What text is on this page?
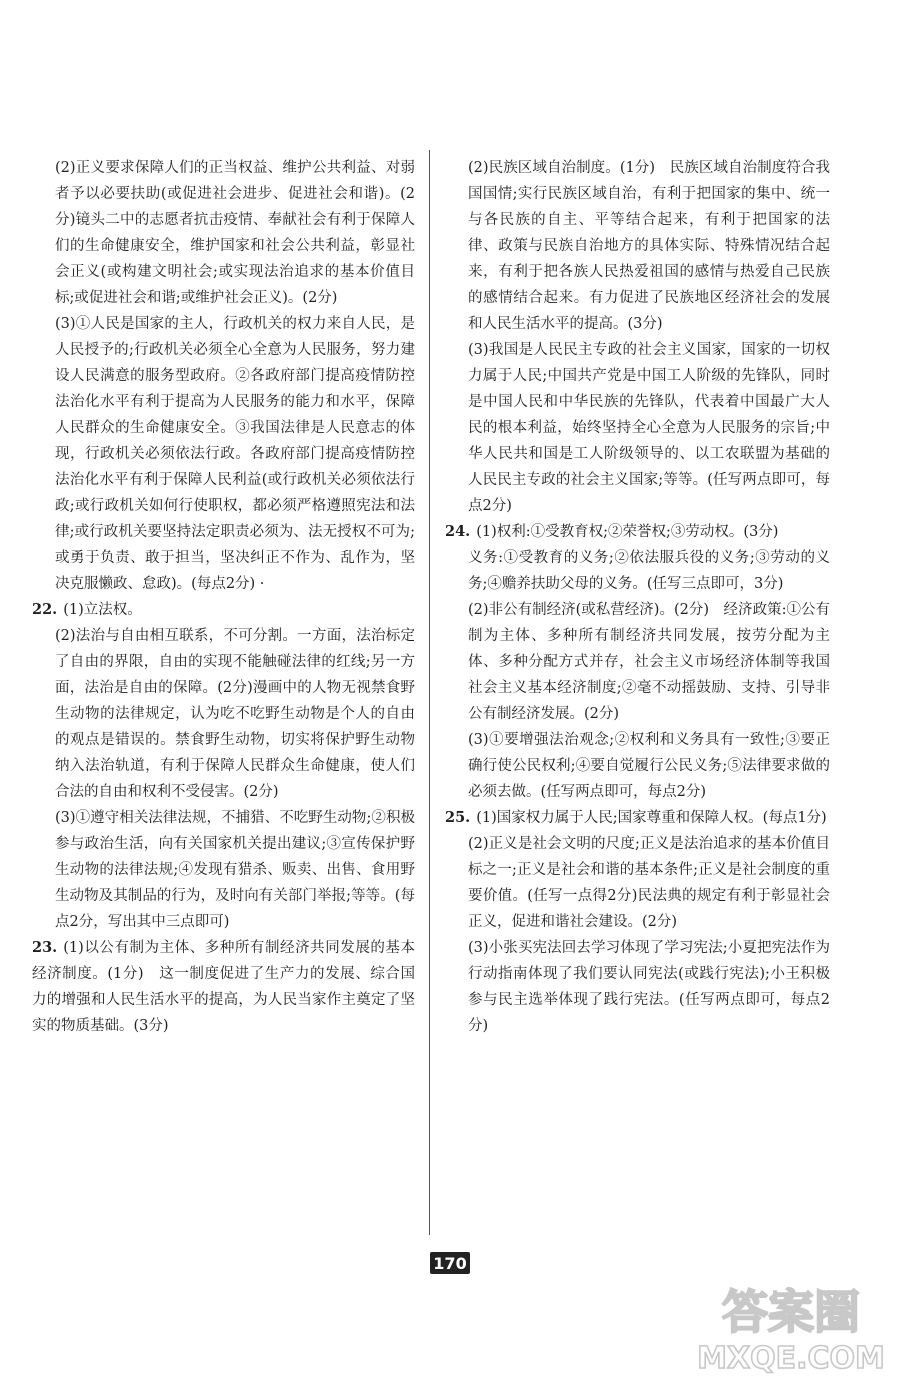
(2)正义要求保障人们的正当权益、维护公共利益、对弱者予以必要扶助(或促进社会进步、促进社会和谐)。(2分)镜头二中的志愿者抗击疫情、奉献社会有利于保障人们的生命健康安全，维护国家和社会公共利益，彰显社会正义(或构建文明社会;或实现法治追求的基本价值目标;或促进社会和谐;或维护社会正义)。(2分)

(3)①人民是国家的主人，行政机关的权力来自人民，是人民授予的;行政机关必须全心全意为人民服务，努力建设人民满意的服务型政府。②各政府部门提高疫情防控法治化水平有利于提高为人民服务的能力和水平，保障人民群众的生命健康安全。③我国法律是人民意志的体现，行政机关必须依法行政。各政府部门提高疫情防控法治化水平有利于保障人民利益(或行政机关必须依法行政;或行政机关如何行使职权，都必须严格遵照宪法和法律;或行政机关要坚持法定职责必须为、法无授权不可为;或勇于负责、敢于担当，坚决纠正不作为、乱作为，坚决克服懒政、怠政)。(每点2分) ·

22. (1)立法权。

(2)法治与自由相互联系，不可分割。一方面，法治标定了自由的界限，自由的实现不能触碰法律的红线;另一方面，法治是自由的保障。(2分)漫画中的人物无视禁食野生动物的法律规定，认为吃不吃野生动物是个人的自由的观点是错误的。禁食野生动物，切实将保护野生动物纳入法治轨道，有利于保障人民群众生命健康，使人们合法的自由和权利不受侵害。(2分)

(3)①遵守相关法律法规，不捕猎、不吃野生动物;②积极参与政治生活，向有关国家机关提出建议;③宣传保护野生动物的法律法规;④发现有猎杀、贩卖、出售、食用野生动物及其制品的行为，及时向有关部门举报;等等。(每点2分，写出其中三点即可)

23. (1)以公有制为主体、多种所有制经济共同发展的基本经济制度。(1分)　这一制度促进了生产力的发展、综合国力的增强和人民生活水平的提高，为人民当家作主奠定了坚实的物质基础。(3分)

(2)民族区域自治制度。(1分)　民族区域自治制度符合我国国情;实行民族区域自治，有利于把国家的集中、统一与各民族的自主、平等结合起来，有利于把国家的法律、政策与民族自治地方的具体实际、特殊情况结合起来，有利于把各族人民热爱祖国的感情与热爱自己民族的感情结合起来。有力促进了民族地区经济社会的发展和人民生活水平的提高。(3分)

(3)我国是人民民主专政的社会主义国家，国家的一切权力属于人民;中国共产党是中国工人阶级的先锋队，同时是中国人民和中华民族的先锋队，代表着中国最广大人民的根本利益，始终坚持全心全意为人民服务的宗旨;中华人民共和国是工人阶级领导的、以工农联盟为基础的人民民主专政的社会主义国家;等等。(任写两点即可，每点2分)

24. (1)权利:①受教育权;②荣誉权;③劳动权。(3分)

义务:①受教育的义务;②依法服兵役的义务;③劳动的义务;④赡养扶助父母的义务。(任写三点即可，3分)

(2)非公有制经济(或私营经济)。(2分)　经济政策:①公有制为主体、多种所有制经济共同发展，按劳分配为主体、多种分配方式并存，社会主义市场经济体制等我国社会主义基本经济制度;②毫不动摇鼓励、支持、引导非公有制经济发展。(2分)

(3)①要增强法治观念;②权利和义务具有一致性;③要正确行使公民权利;④要自觉履行公民义务;⑤法律要求做的必须去做。(任写两点即可，每点2分)

25. (1)国家权力属于人民;国家尊重和保障人权。(每点1分)

(2)正义是社会文明的尺度;正义是法治追求的基本价值目标之一;正义是社会和谐的基本条件;正义是社会制度的重要价值。(任写一点得2分)民法典的规定有利于彰显社会正义，促进和谐社会建设。(2分)

(3)小张买宪法回去学习体现了学习宪法;小夏把宪法作为行动指南体现了我们要认同宪法(或践行宪法);小王积极参与民主选举体现了践行宪法。(任写两点即可，每点2分)

170
答案圈
MXQE.COM
